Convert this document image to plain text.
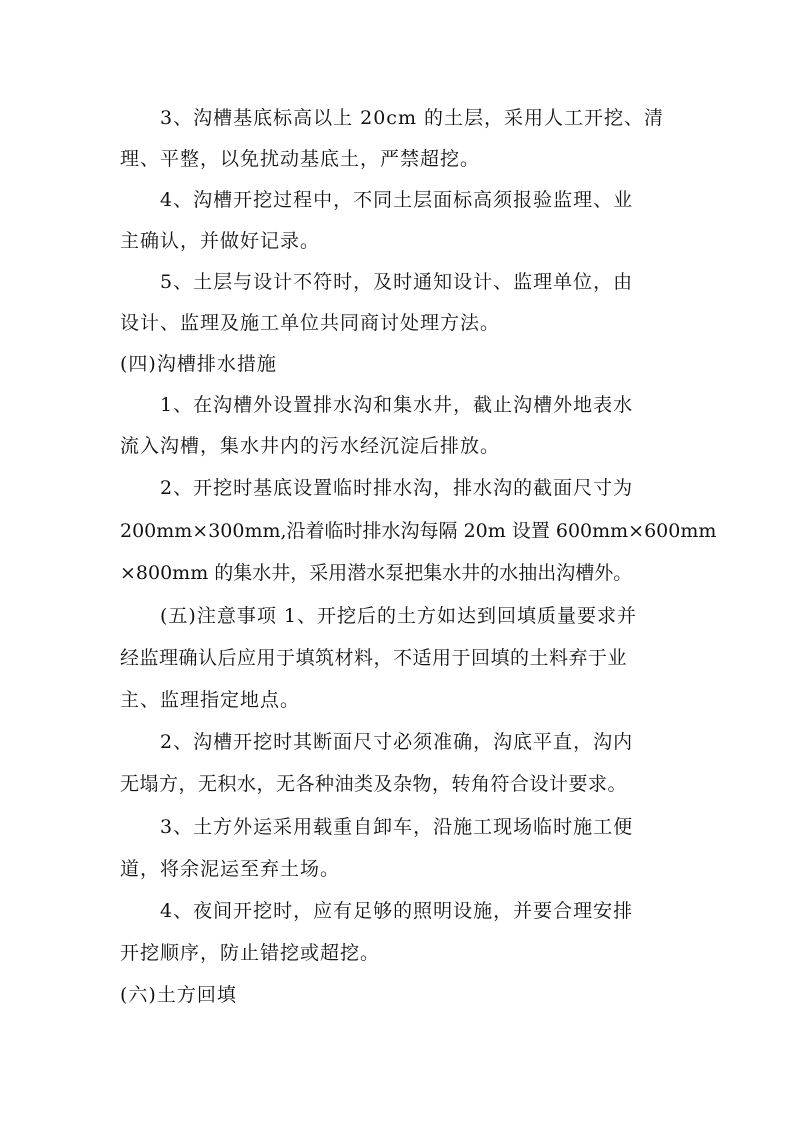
3、沟槽基底标高以上 20cm 的土层，采用人工开挖、清
理、平整，以免扰动基底土，严禁超挖。
4、沟槽开挖过程中，不同土层面标高须报验监理、业
主确认，并做好记录。
5、土层与设计不符时，及时通知设计、监理单位，由
设计、监理及施工单位共同商讨处理方法。
(四)沟槽排水措施
1、在沟槽外设置排水沟和集水井，截止沟槽外地表水
流入沟槽，集水井内的污水经沉淀后排放。
2、开挖时基底设置临时排水沟，排水沟的截面尺寸为
200mm×300mm,沿着临时排水沟每隔 20m 设置 600mm×600mm
×800mm 的集水井，采用潜水泵把集水井的水抽出沟槽外。
(五)注意事项 1、开挖后的土方如达到回填质量要求并
经监理确认后应用于填筑材料，不适用于回填的土料弃于业
主、监理指定地点。
2、沟槽开挖时其断面尺寸必须准确，沟底平直，沟内
无塌方，无积水，无各种油类及杂物，转角符合设计要求。
3、土方外运采用载重自卸车，沿施工现场临时施工便
道，将余泥运至弃土场。
4、夜间开挖时，应有足够的照明设施，并要合理安排
开挖顺序，防止错挖或超挖。
(六)土方回填
